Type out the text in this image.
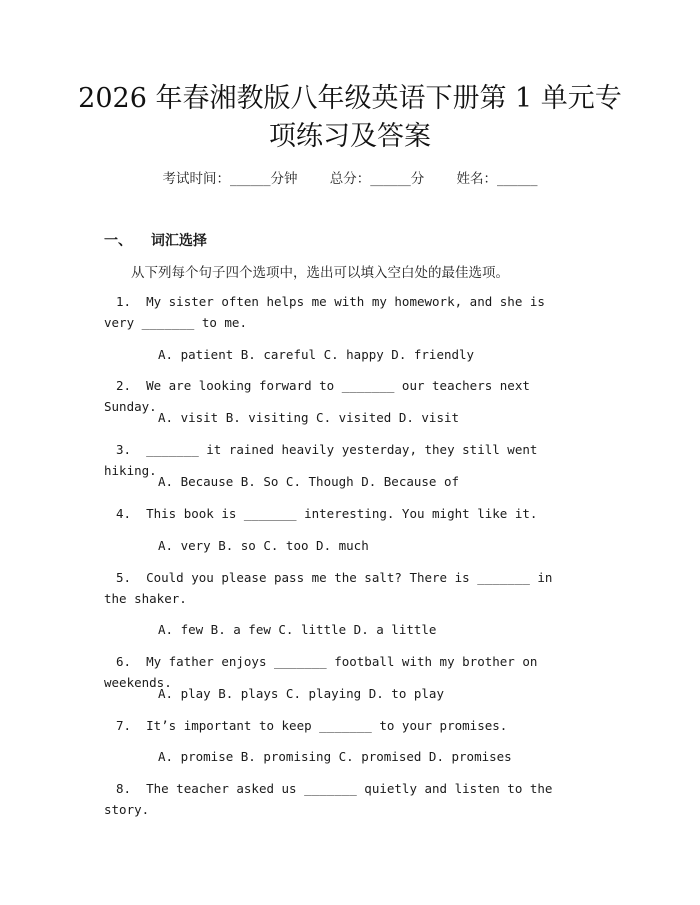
2026 年春湘教版八年级英语下册第 1 单元专
项练习及答案
考试时间：______分钟 总分：______分 姓名：______
一、 词汇选择
从下列每个句子四个选项中，选出可以填入空白处的最佳选项。
1. My sister often helps me with my homework, and she is very _______ to me.
A. patient B. careful C. happy D. friendly
2. We are looking forward to _______ our teachers next Sunday.
A. visit B. visiting C. visited D. visit
3. _______ it rained heavily yesterday, they still went hiking.
A. Because B. So C. Though D. Because of
4. This book is _______ interesting. You might like it.
A. very B. so C. too D. much
5. Could you please pass me the salt? There is _______ in the shaker.
A. few B. a few C. little D. a little
6. My father enjoys _______ football with my brother on weekends.
A. play B. plays C. playing D. to play
7. It’s important to keep _______ to your promises.
A. promise B. promising C. promised D. promises
8. The teacher asked us _______ quietly and listen to the story.
